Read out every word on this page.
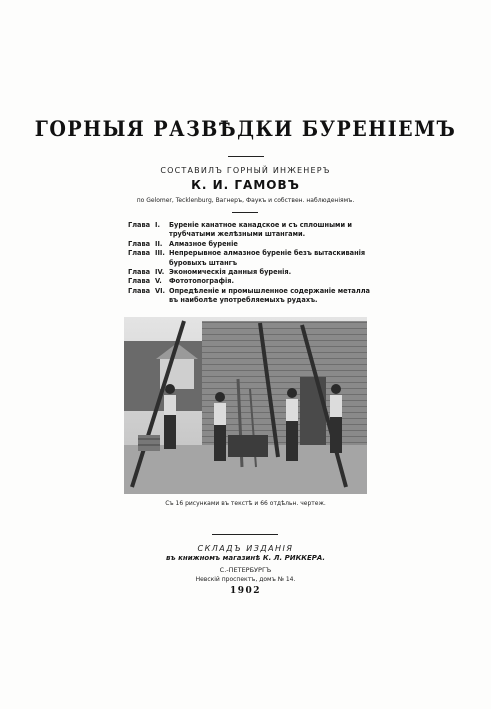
ГОРНЫЯ РАЗВѢДКИ БУРЕНІЕМЪ
СОСТАВИЛЪ ГОРНЫЙ ИНЖЕНЕРЪ
К. И. ГАМОВЪ
по Gelomer, Tecklenburg, Вагнеръ, Фаукъ и собствен. наблюденіямъ.
Глава I.	Буреніе канатное канадское и съ сплошными и трубчатыми желѣзными штангами.
Глава II. Алмазное буреніе
Глава III. Непрерывное алмазное буреніе безъ вытаскиванія буровыхъ штангъ
Глава IV. Экономическія данныя буренія.
Глава V.	Фототопографія.
Глава VI. Опредѣленіе и промышленное содержаніе металла въ наиболѣе употребляемыхъ рудахъ.
Съ 16 рисунками въ текстѣ и 66 отдѣльн. чертеж.
СКЛАДЪ ИЗДАНІЯ
въ книжномъ магазинѣ К. Л. РИККЕРА.
С.-ПЕТЕРБУРГЪ
Невскій проспектъ, домъ № 14.
1902
